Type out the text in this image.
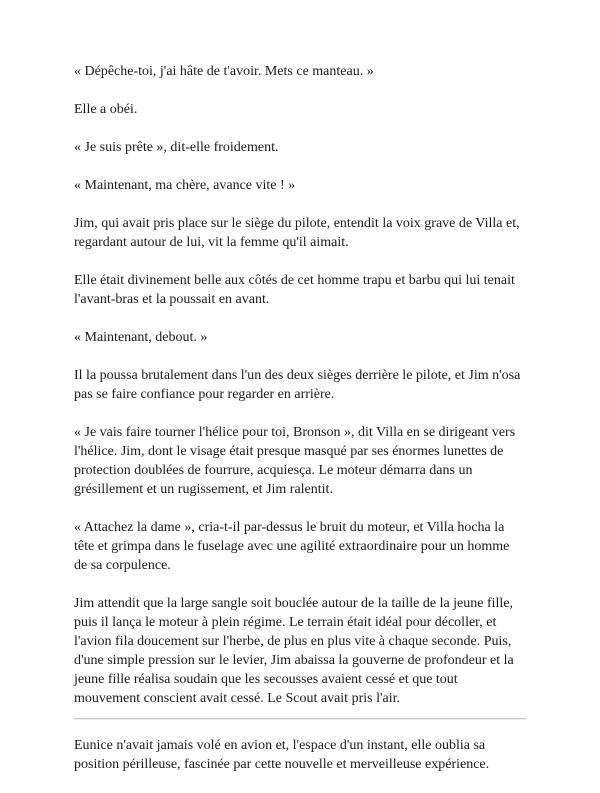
« Dépêche-toi, j'ai hâte de t'avoir. Mets ce manteau. »

Elle a obéi.

« Je suis prête », dit-elle froidement.

« Maintenant, ma chère, avance vite ! »

Jim, qui avait pris place sur le siège du pilote, entendit la voix grave de Villa et, regardant autour de lui, vit la femme qu'il aimait.

Elle était divinement belle aux côtés de cet homme trapu et barbu qui lui tenait l'avant-bras et la poussait en avant.

« Maintenant, debout. »

Il la poussa brutalement dans l'un des deux sièges derrière le pilote, et Jim n'osa pas se faire confiance pour regarder en arrière.

« Je vais faire tourner l'hélice pour toi, Bronson », dit Villa en se dirigeant vers l'hélice. Jim, dont le visage était presque masqué par ses énormes lunettes de protection doublées de fourrure, acquiesça. Le moteur démarra dans un grésillement et un rugissement, et Jim ralentit.

« Attachez la dame », cria-t-il par-dessus le bruit du moteur, et Villa hocha la tête et grimpa dans le fuselage avec une agilité extraordinaire pour un homme de sa corpulence.

Jim attendit que la large sangle soit bouclée autour de la taille de la jeune fille, puis il lança le moteur à plein régime. Le terrain était idéal pour décoller, et l'avion fila doucement sur l'herbe, de plus en plus vite à chaque seconde. Puis, d'une simple pression sur le levier, Jim abaissa la gouverne de profondeur et la jeune fille réalisa soudain que les secousses avaient cessé et que tout mouvement conscient avait cessé. Le Scout avait pris l'air.

Eunice n'avait jamais volé en avion et, l'espace d'un instant, elle oublia sa position périlleuse, fascinée par cette nouvelle et merveilleuse expérience.
